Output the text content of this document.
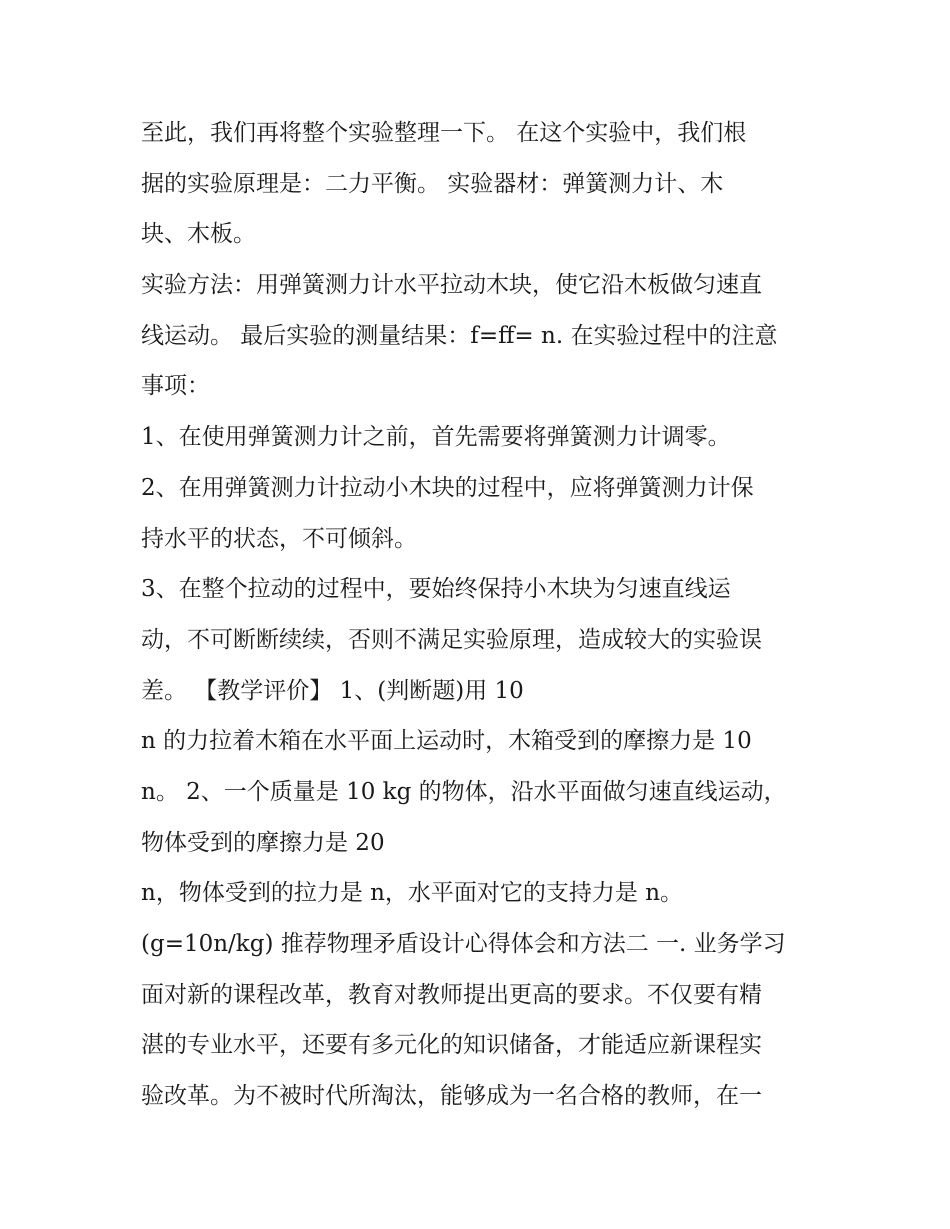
至此，我们再将整个实验整理一下。 在这个实验中，我们根
据的实验原理是：二力平衡。 实验器材：弹簧测力计、木
块、木板。
实验方法：用弹簧测力计水平拉动木块，使它沿木板做匀速直
线运动。 最后实验的测量结果：f=ff= n. 在实验过程中的注意
事项：
1、在使用弹簧测力计之前，首先需要将弹簧测力计调零。
2、在用弹簧测力计拉动小木块的过程中，应将弹簧测力计保
持水平的状态，不可倾斜。
3、在整个拉动的过程中，要始终保持小木块为匀速直线运
动，不可断断续续，否则不满足实验原理，造成较大的实验误
差。 【教学评价】 1、(判断题)用 10
n 的力拉着木箱在水平面上运动时，木箱受到的摩擦力是 10
n。 2、一个质量是 10 kg 的物体，沿水平面做匀速直线运动，
物体受到的摩擦力是 20
n，物体受到的拉力是 n，水平面对它的支持力是 n。
(g=10n/kg) 推荐物理矛盾设计心得体会和方法二 一. 业务学习
面对新的课程改革，教育对教师提出更高的要求。不仅要有精
湛的专业水平，还要有多元化的知识储备，才能适应新课程实
验改革。为不被时代所淘汰，能够成为一名合格的教师，在一
